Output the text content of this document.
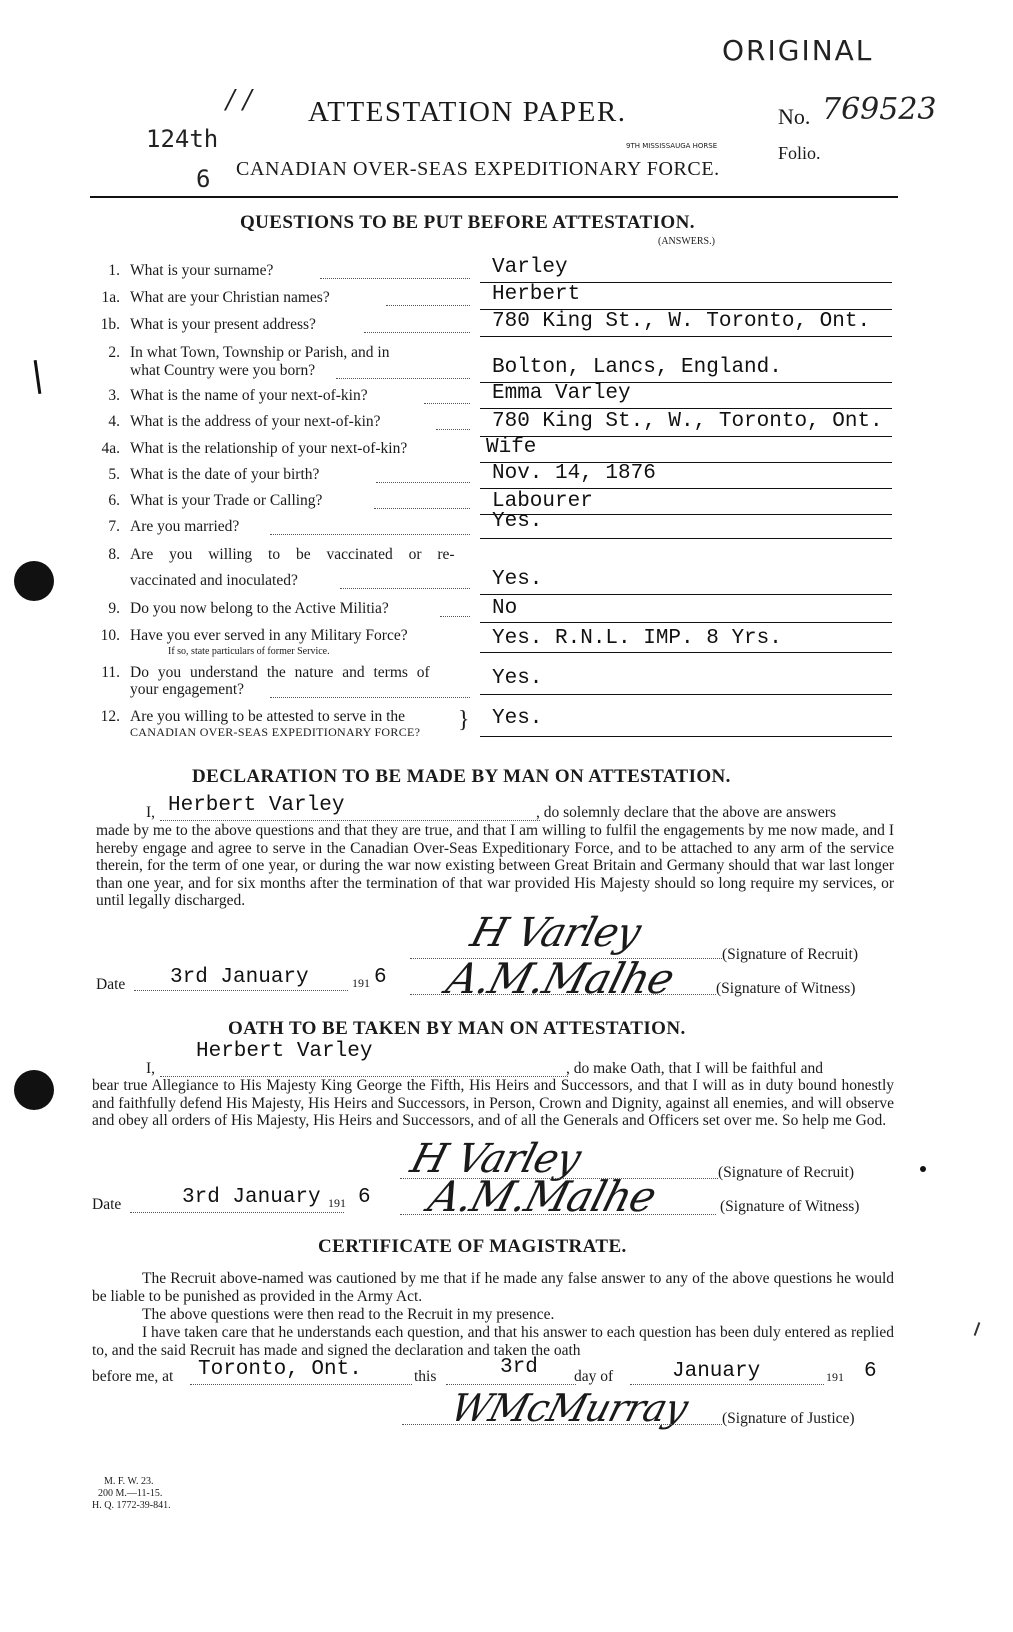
ORIGINAL
/ / ATTESTATION PAPER.	No. 769523
124th	9TH MISSISSAUGA HORSE	Folio.
6 CANADIAN OVER-SEAS EXPEDITIONARY FORCE.
QUESTIONS TO BE PUT BEFORE ATTESTATION.
(ANSWERS.)
1. What is your surname?	Varley
1a. What are your Christian names?	Herbert
1b. What is your present address?	780 King St., W. Toronto, Ont.
2. In what Town, Township or Parish, and in
what Country were you born?	Bolton, Lancs, England.
3. What is the name of your next-of-kin?	Emma Varley
4. What is the address of your next-of-kin?	780 King St., W., Toronto, Ont.
4a. What is the relationship of your next-of-kin?	Wife
5. What is the date of your birth?	Nov. 14, 1876
6. What is your Trade or Calling?	Labourer
7. Are you married?	Yes.
8. Are you willing to be vaccinated or re-
vaccinated and inoculated?	Yes.
9. Do you now belong to the Active Militia?	No
10. Have you ever served in any Military Force?
If so, state particulars of former Service.
Yes. R.N.L. IMP. 8 Yrs.
11. Do you understand the nature and terms of
your engagement?	Yes.
12. Are you willing to be attested to serve in the
CANADIAN OVER-SEAS EXPEDITIONARY FORCE? } Yes.
DECLARATION TO BE MADE BY MAN ON ATTESTATION.
I, Herbert Varley	, do solemnly declare that the above are answers
made by me to the above questions and that they are true, and that I am willing to fulfil the engagements by me now made, and I hereby engage and agree to serve in the Canadian Over-Seas Expeditionary Force, and to be attached to any arm of the service therein, for the term of one year, or during the war now existing between Great Britain and Germany should that war last longer than one year, and for six months after the termination of that war provided His Majesty should so long require my services, or until legally discharged.
H Varley	(Signature of Recruit)
Date 3rd January	191 6 A.M.Malhe (Signature of Witness)
OATH TO BE TAKEN BY MAN ON ATTESTATION.
I,
Herbert Varley
, do make Oath, that I will be faithful and
bear true Allegiance to His Majesty King George the Fifth, His Heirs and Successors, and that I will as in duty bound honestly and faithfully defend His Majesty, His Heirs and Successors, in Person, Crown and Dignity, against all enemies, and will observe and obey all orders of His Majesty, His Heirs and Successors, and of all the Generals and Officers set over me. So help me God.
H Varley	(Signature of Recruit)
Date	3rd January 191 6 A.M.Malhe	(Signature of Witness)
CERTIFICATE OF MAGISTRATE.
The Recruit above-named was cautioned by me that if he made any false answer to any of the above questions he would be liable to be punished as provided in the Army Act.
The above questions were then read to the Recruit in my presence.
I have taken care that he understands each question, and that his answer to each question has been duly entered as replied to, and the said Recruit has made and signed the declaration and taken the oath
before me, at Toronto, Ont.	this	3rd day of	January	191 6
WMcMurray (Signature of Justice)
M. F. W. 23.
200 M.—11-15.
H. Q. 1772-39-841.
